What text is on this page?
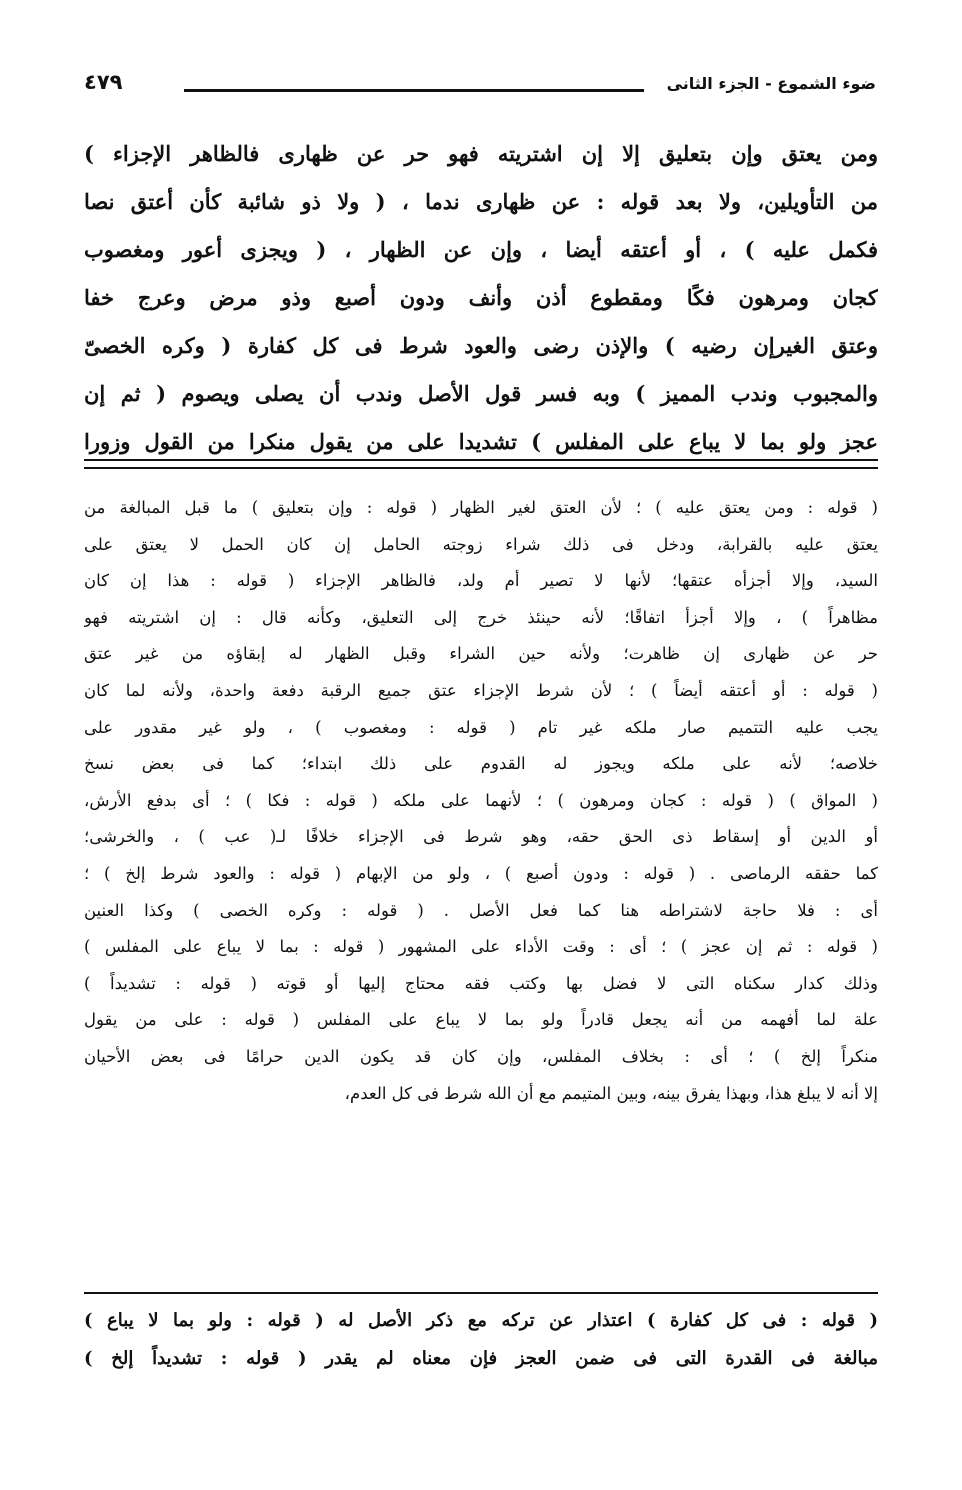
ضوء الشموع - الجزء الثانى
٤٧٩
ومن يعتق وإن بتعليق إلا إن اشتريته فهو حر عن ظهارى فالظاهر الإجزاء )
من التأويلين، ولا بعد قوله : عن ظهارى ندما ، ( ولا ذو شائبة كأن أعتق نصا
فكمل عليه ) ، أو أعتقه أيضا ، وإن عن الظهار ، ( ويجزى أعور ومغصوب
كجان ومرهون فكًا ومقطوع أذن وأنف ودون أصبع وذو مرض وعرج خفا
وعتق الغيرإن رضيه ) والإذن رضى والعود شرط فى كل كفارة ( وكره الخصىّ
والمجبوب وندب المميز ) وبه فسر قول الأصل وندب أن يصلى ويصوم ( ثم إن
عجز ولو بما لا يباع على المفلس ) تشديدا على من يقول منكرا من القول وزورا
( قوله : ومن يعتق عليه ) ؛ لأن العتق لغير الظهار ( قوله : وإن بتعليق ) ما قبل المبالغة من
يعتق عليه بالقرابة، ودخل فى ذلك شراء زوجته الحامل إن كان الحمل لا يعتق على
السيد، وإلا أجزأه عتقها؛ لأنها لا تصير أم ولد، فالظاهر الإجزاء ( قوله : هذا إن كان
مظاهراً ) ، وإلا أجزأ اتفاقًا؛ لأنه حينئذ خرج إلى التعليق، وكأنه قال : إن اشتريته فهو
حر عن ظهارى إن ظاهرت؛ ولأنه حين الشراء وقبل الظهار له إبقاؤه من غير عتق
( قوله : أو أعتقه أيضاً ) ؛ لأن شرط الإجزاء عتق جميع الرقبة دفعة واحدة، ولأنه لما كان
يجب عليه التتميم صار ملكه غير تام ( قوله : ومغصوب ) ، ولو غير مقدور على
خلاصه؛ لأنه على ملكه ويجوز له القدوم على ذلك ابتداء؛ كما فى بعض نسخ
( المواق ) ( قوله : كجان ومرهون ) ؛ لأنهما على ملكه ( قوله : فكا ) ؛ أى بدفع الأرش،
أو الدين أو إسقاط ذى الحق حقه، وهو شرط فى الإجزاء خلافًا لـ( عب ) ، والخرشى؛
كما حققه الرماصى . ( قوله : ودون أصبع ) ، ولو من الإبهام ( قوله : والعود شرط إلخ ) ؛
أى : فلا حاجة لاشتراطه هنا كما فعل الأصل . ( قوله : وكره الخصى ) وكذا العنين
( قوله : ثم إن عجز ) ؛ أى : وقت الأداء على المشهور ( قوله : بما لا يباع على المفلس )
وذلك كدار سكناه التى لا فضل بها وكتب فقه محتاج إليها أو قوته ( قوله : تشديداً )
علة لما أفهمه من أنه يجعل قادراً ولو بما لا يباع على المفلس ( قوله : على من يقول
منكراً إلخ ) ؛ أى : بخلاف المفلس، وإن كان قد يكون الدين حرامًا فى بعض الأحيان
إلا أنه لا يبلغ هذا، وبهذا يفرق بينه، وبين المتيمم مع أن الله شرط فى كل العدم،
( قوله : فى كل كفارة ) اعتذار عن تركه مع ذكر الأصل له ( قوله : ولو بما لا يباع )
مبالغة فى القدرة التى فى ضمن العجز فإن معناه لم يقدر ( قوله : تشديداً إلخ )
